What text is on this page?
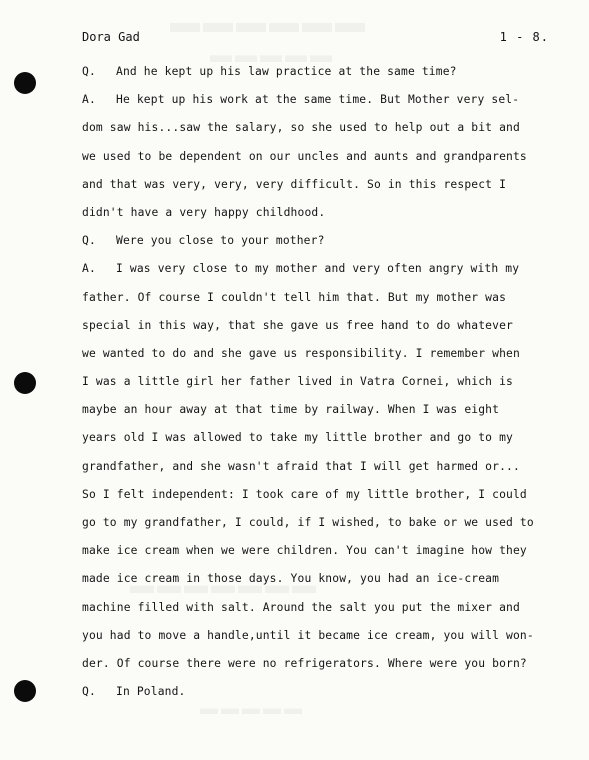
Dora Gad	1 - 8.
Q. And he kept up his law practice at the same time?
A. He kept up his work at the same time. But Mother very sel-
dom saw his...saw the salary, so she used to help out a bit and
we used to be dependent on our uncles and aunts and grandparents
and that was very, very, very difficult. So in this respect I
didn't have a very happy childhood.
Q. Were you close to your mother?
A. I was very close to my mother and very often angry with my
father. Of course I couldn't tell him that. But my mother was
special in this way, that she gave us free hand to do whatever
we wanted to do and she gave us responsibility. I remember when
I was a little girl her father lived in Vatra Cornei, which is
maybe an hour away at that time by railway. When I was eight
years old I was allowed to take my little brother and go to my
grandfather, and she wasn't afraid that I will get harmed or...
So I felt independent: I took care of my little brother, I could
go to my grandfather, I could, if I wished, to bake or we used to
make ice cream when we were children. You can't imagine how they
made ice cream in those days. You know, you had an ice-cream
machine filled with salt. Around the salt you put the mixer and
you had to move a handle,until it became ice cream, you will won-
der. Of course there were no refrigerators. Where were you born?
Q. In Poland.
